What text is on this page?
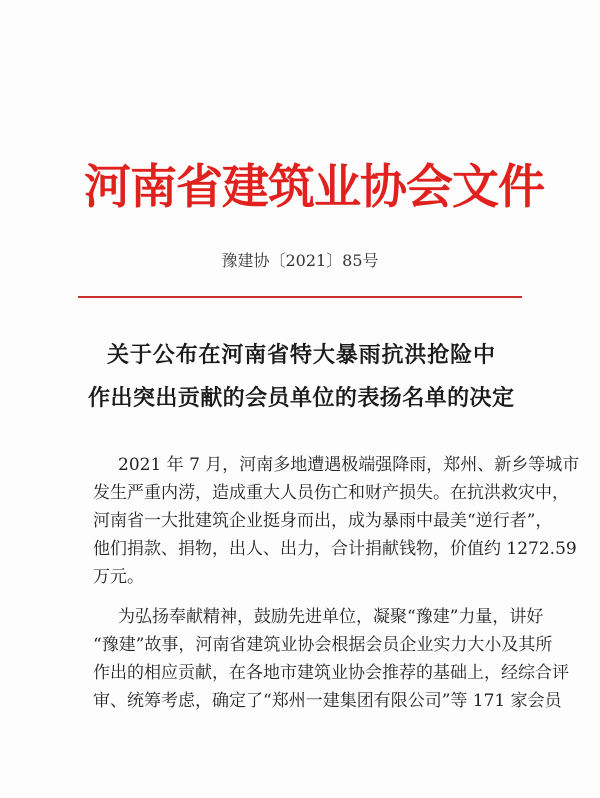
河南省建筑业协会文件
豫建协〔2021〕85号
关于公布在河南省特大暴雨抗洪抢险中
作出突出贡献的会员单位的表扬名单的决定
2021 年 7 月，河南多地遭遇极端强降雨，郑州、新乡等城市
发生严重内涝，造成重大人员伤亡和财产损失。在抗洪救灾中，
河南省一大批建筑企业挺身而出，成为暴雨中最美“逆行者”，
他们捐款、捐物，出人、出力，合计捐献钱物，价值约 1272.59
万元。
为弘扬奉献精神，鼓励先进单位，凝聚“豫建”力量，讲好
“豫建”故事，河南省建筑业协会根据会员企业实力大小及其所
作出的相应贡献，在各地市建筑业协会推荐的基础上，经综合评
审、统筹考虑，确定了“郑州一建集团有限公司”等 171 家会员
